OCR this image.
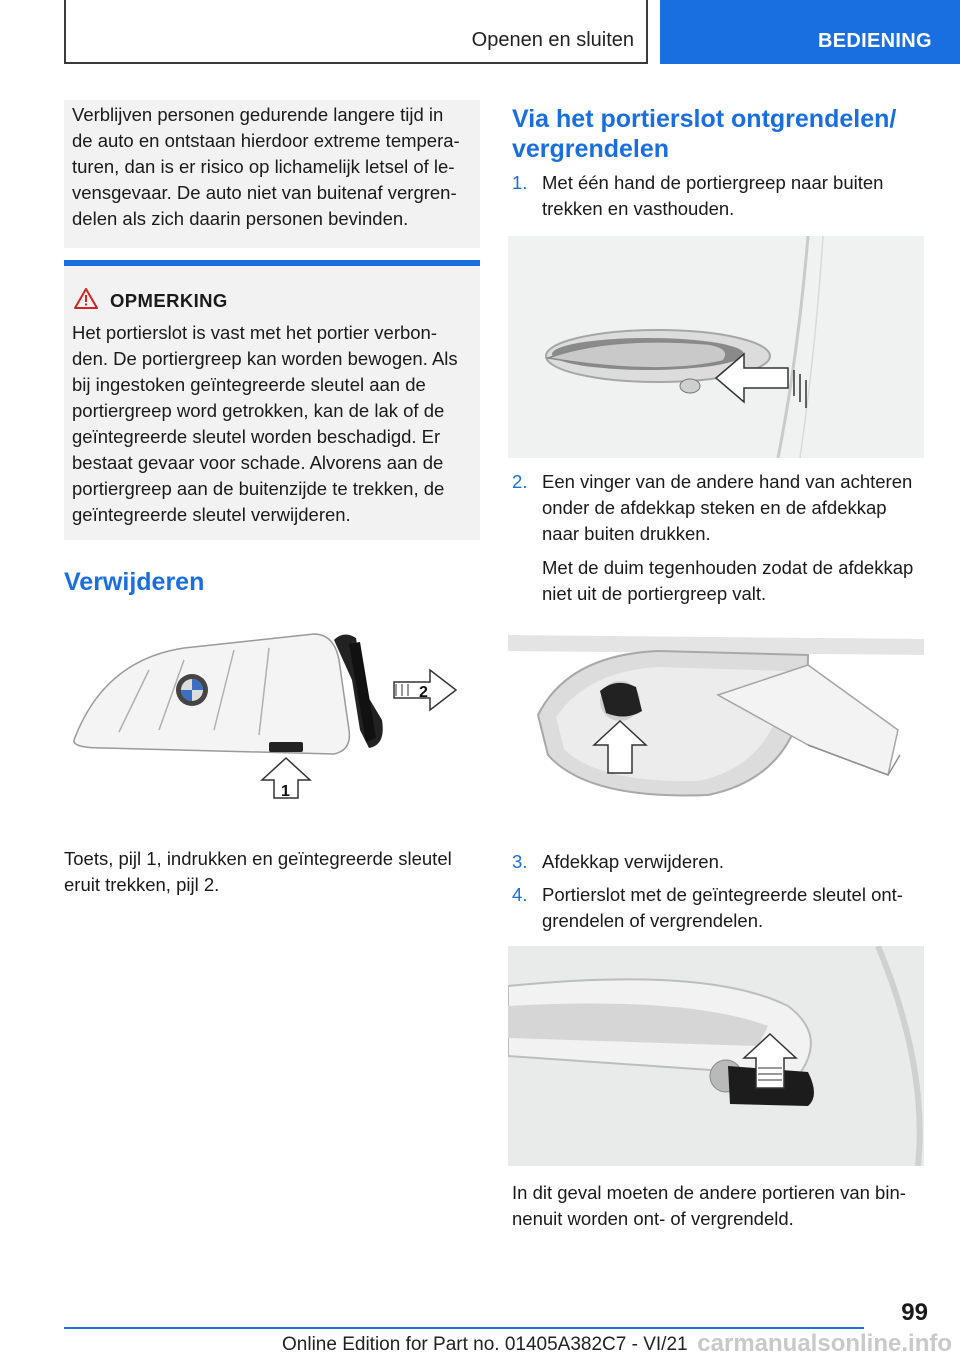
Openen en sluiten	BEDIENING
Verblijven personen gedurende langere tijd in
de auto en ontstaan hierdoor extreme tempera-
turen, dan is er risico op lichamelijk letsel of le-
vensgevaar. De auto niet van buitenaf vergren-
delen als zich daarin personen bevinden.
OPMERKING
Het portierslot is vast met het portier verbon-
den. De portiergreep kan worden bewogen. Als
bij ingestoken geïntegreerde sleutel aan de
portiergreep word getrokken, kan de lak of de
geïntegreerde sleutel worden beschadigd. Er
bestaat gevaar voor schade. Alvorens aan de
portiergreep aan de buitenzijde te trekken, de
geïntegreerde sleutel verwijderen.
Verwijderen
2
1
Toets, pijl 1, indrukken en geïntegreerde sleutel
eruit trekken, pijl 2.
Via het portierslot ontgrendelen/
vergrendelen
1. Met één hand de portiergreep naar buiten
trekken en vasthouden.
2. Een vinger van de andere hand van achteren
onder de afdekkap steken en de afdekkap
naar buiten drukken.
Met de duim tegenhouden zodat de afdekkap
niet uit de portiergreep valt.
3. Afdekkap verwijderen.
4. Portierslot met de geïntegreerde sleutel ont-
grendelen of vergrendelen.
In dit geval moeten de andere portieren van bin-
nenuit worden ont- of vergrendeld.
99
Online Edition for Part no. 01405A382C7 - VI/21 carmanualsonline.info
